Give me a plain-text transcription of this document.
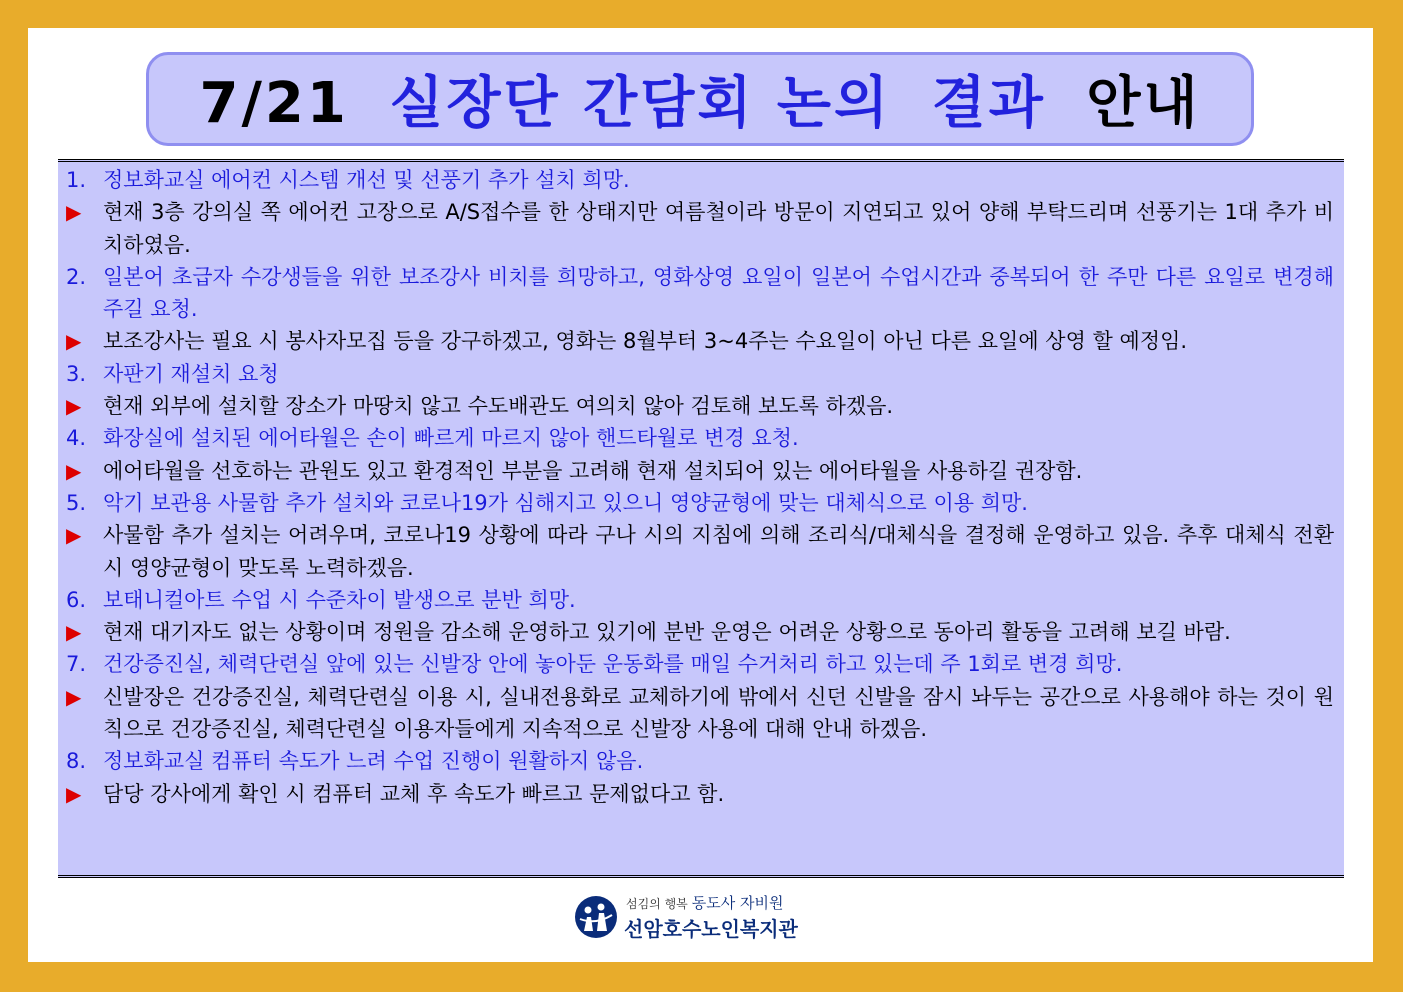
7/21 실장단 간담회 논의 결과 안내
1. 정보화교실 에어컨 시스템 개선 및 선풍기 추가 설치 희망.
▶	현재 3층 강의실 쪽 에어컨 고장으로 A/S접수를 한 상태지만 여름철이라 방문이 지연되고 있어 양해 부탁드리며 선풍기는 1대 추가 비치하였음.
2. 일본어 초급자 수강생들을 위한 보조강사 비치를 희망하고, 영화상영 요일이 일본어 수업시간과 중복되어 한 주만 다른 요일로 변경해 주길 요청.
▶	보조강사는 필요 시 봉사자모집 등을 강구하겠고, 영화는 8월부터 3~4주는 수요일이 아닌 다른 요일에 상영 할 예정임.
3. 자판기 재설치 요청
▶	현재 외부에 설치할 장소가 마땅치 않고 수도배관도 여의치 않아 검토해 보도록 하겠음.
4. 화장실에 설치된 에어타월은 손이 빠르게 마르지 않아 핸드타월로 변경 요청.
▶	에어타월을 선호하는 관원도 있고 환경적인 부분을 고려해 현재 설치되어 있는 에어타월을 사용하길 권장함.
5. 악기 보관용 사물함 추가 설치와 코로나19가 심해지고 있으니 영양균형에 맞는 대체식으로 이용 희망.
▶	사물함 추가 설치는 어려우며, 코로나19 상황에 따라 구나 시의 지침에 의해 조리식/대체식을 결정해 운영하고 있음. 추후 대체식 전환 시 영양균형이 맞도록 노력하겠음.
6. 보태니컬아트 수업 시 수준차이 발생으로 분반 희망.
▶	현재 대기자도 없는 상황이며 정원을 감소해 운영하고 있기에 분반 운영은 어려운 상황으로 동아리 활동을 고려해 보길 바람.
7. 건강증진실, 체력단련실 앞에 있는 신발장 안에 놓아둔 운동화를 매일 수거처리 하고 있는데 주 1회로 변경 희망.
▶	신발장은 건강증진실, 체력단련실 이용 시, 실내전용화로 교체하기에 밖에서 신던 신발을 잠시 놔두는 공간으로 사용해야 하는 것이 원칙으로 건강증진실, 체력단련실 이용자들에게 지속적으로 신발장 사용에 대해 안내 하겠음.
8. 정보화교실 컴퓨터 속도가 느려 수업 진행이 원활하지 않음.
▶	담당 강사에게 확인 시 컴퓨터 교체 후 속도가 빠르고 문제없다고 함.
섬김의 행복 동도사 자비원
선암호수노인복지관
